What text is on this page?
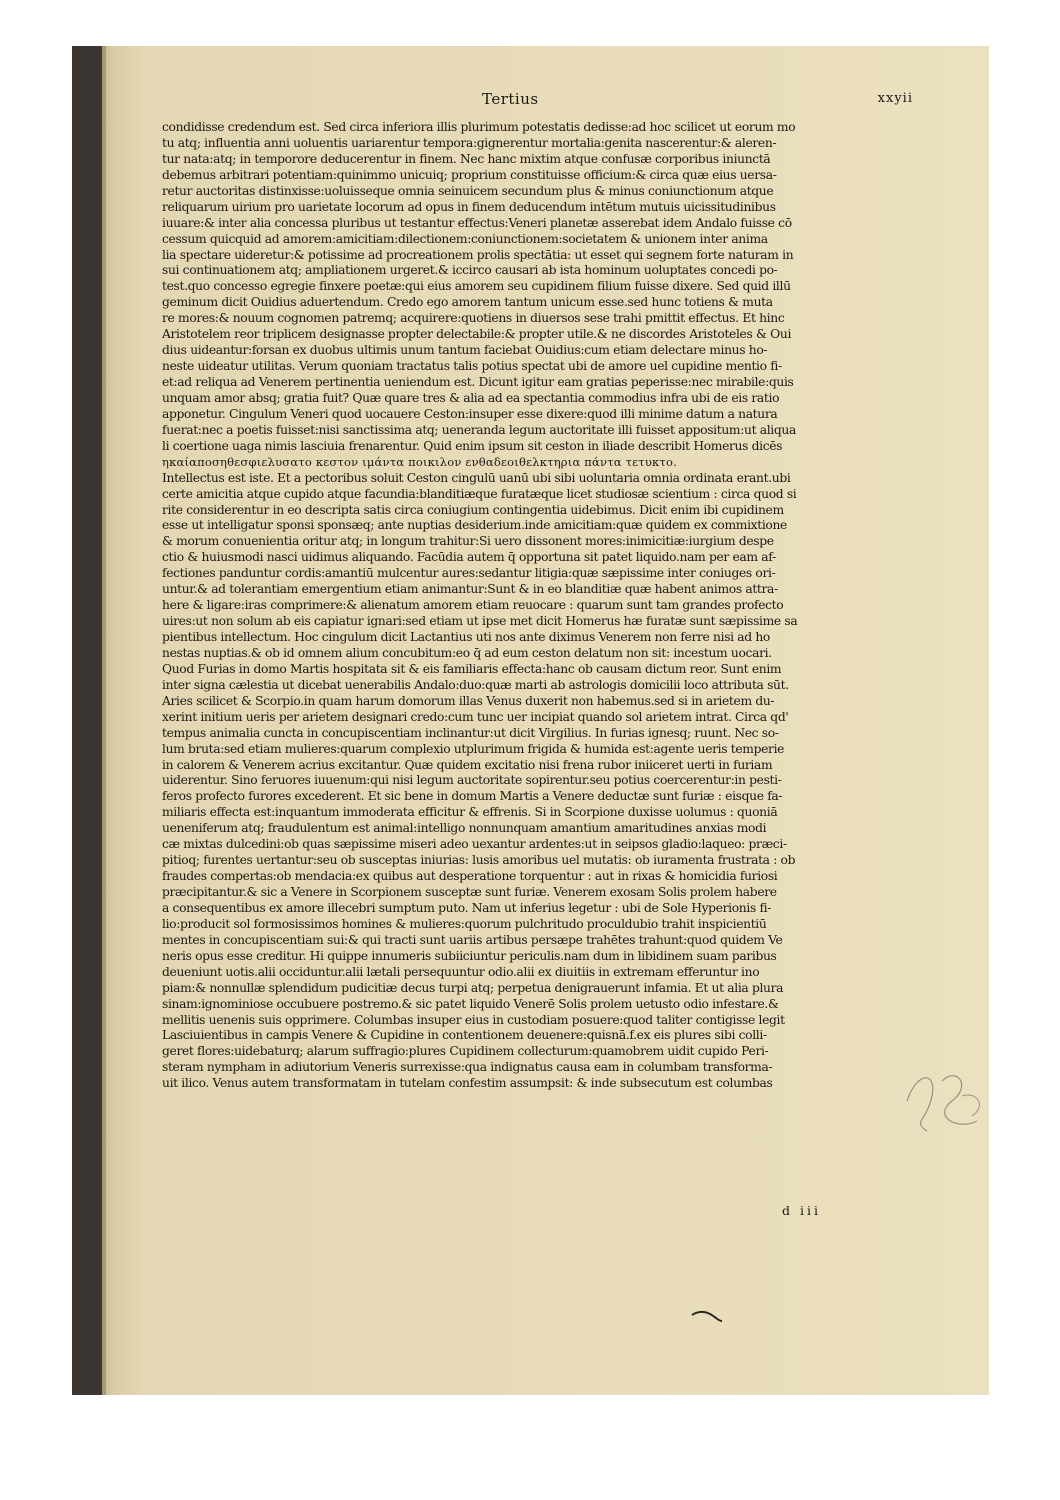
Tertius	xxyii
condidisse credendum est. Sed circa inferiora illis plurimum potestatis dedisse:ad hoc scilicet ut eorum mo
tu atq; influentia anni uoluentis uariarentur tempora:gignerentur mortalia:genita nascerentur:& aleren-
tur nata:atq; in temporore deducerentur in finem. Nec hanc mixtim atque confusæ corporibus iniunctā
debemus arbitrari potentiam:quinimmo unicuiq; proprium constituisse officium:& circa quæ eius uersa-
retur auctoritas distinxisse:uoluisseque omnia seinuicem secundum plus & minus coniunctionum atque
reliquarum uirium pro uarietate locorum ad opus in finem deducendum intētum mutuis uicissitudinibus
iuuare:& inter alia concessa pluribus ut testantur effectus:Veneri planetæ asserebat idem Andalo fuisse cō
cessum quicquid ad amorem:amicitiam:dilectionem:coniunctionem:societatem & unionem inter anima
lia spectare uideretur:& potissime ad procreationem prolis spectātia: ut esset qui segnem forte naturam in
sui continuationem atq; ampliationem urgeret.& iccirco causari ab ista hominum uoluptates concedi po-
test.quo concesso egregie finxere poetæ:qui eius amorem seu cupidinem filium fuisse dixere. Sed quid illū
geminum dicit Ouidius aduertendum. Credo ego amorem tantum unicum esse.sed hunc totiens & muta
re mores:& nouum cognomen patremq; acquirere:quotiens in diuersos sese trahi pmittit effectus. Et hinc
Aristotelem reor triplicem designasse propter delectabile:& propter utile.& ne discordes Aristoteles & Oui
dius uideantur:forsan ex duobus ultimis unum tantum faciebat Ouidius:cum etiam delectare minus ho-
neste uideatur utilitas. Verum quoniam tractatus talis potius spectat ubi de amore uel cupidine mentio fi-
et:ad reliqua ad Venerem pertinentia ueniendum est. Dicunt igitur eam gratias peperisse:nec mirabile:quis
unquam amor absq; gratia fuit? Quæ quare tres & alia ad ea spectantia commodius infra ubi de eis ratio
apponetur. Cingulum Veneri quod uocauere Ceston:insuper esse dixere:quod illi minime datum a natura
fuerat:nec a poetis fuisset:nisi sanctissima atq; ueneranda legum auctoritate illi fuisset appositum:ut aliqua
li coertione uaga nimis lasciuia frenarentur. Quid enim ipsum sit ceston in iliade describit Homerus dicēs
ηκαίαποσηθεσφιελυσατο κεστον ιμάντα ποικιλον ενθαδεοιθελκτηρια πάντα τετυκτο.
Intellectus est iste. Et a pectoribus soluit Ceston cingulū uanū ubi sibi uoluntaria omnia ordinata erant.ubi
certe amicitia atque cupido atque facundia:blanditiæque furatæque licet studiosæ scientium : circa quod si
rite considerentur in eo descripta satis circa coniugium contingentia uidebimus. Dicit enim ibi cupidinem
esse ut intelligatur sponsi sponsæq; ante nuptias desiderium.inde amicitiam:quæ quidem ex commixtione
& morum conuenientia oritur atq; in longum trahitur:Si uero dissonent mores:inimicitiæ:iurgium despe
ctio & huiusmodi nasci uidimus aliquando. Facūdia autem q̄ opportuna sit patet liquido.nam per eam af-
fectiones panduntur cordis:amantiū mulcentur aures:sedantur litigia:quæ sæpissime inter coniuges ori-
untur.& ad tolerantiam emergentium etiam animantur:Sunt & in eo blanditiæ quæ habent animos attra-
here & ligare:iras comprimere:& alienatum amorem etiam reuocare : quarum sunt tam grandes profecto
uires:ut non solum ab eis capiatur ignari:sed etiam ut ipse met dicit Homerus hæ furatæ sunt sæpissime sa
pientibus intellectum. Hoc cingulum dicit Lactantius uti nos ante diximus Venerem non ferre nisi ad ho
nestas nuptias.& ob id omnem alium concubitum:eo q̄ ad eum ceston delatum non sit: incestum uocari.
Quod Furias in domo Martis hospitata sit & eis familiaris effecta:hanc ob causam dictum reor. Sunt enim
inter signa cælestia ut dicebat uenerabilis Andalo:duo:quæ marti ab astrologis domicilii loco attributa sūt.
Aries scilicet & Scorpio.in quam harum domorum illas Venus duxerit non habemus.sed si in arietem du-
xerint initium ueris per arietem designari credo:cum tunc uer incipiat quando sol arietem intrat. Circa qd'
tempus animalia cuncta in concupiscentiam inclinantur:ut dicit Virgilius. In furias ignesq; ruunt. Nec so-
lum bruta:sed etiam mulieres:quarum complexio utplurimum frigida & humida est:agente ueris temperie
in calorem & Venerem acrius excitantur. Quæ quidem excitatio nisi frena rubor iniiceret uerti in furiam
uiderentur. Sino feruores iuuenum:qui nisi legum auctoritate sopirentur.seu potius coercerentur:in pesti-
feros profecto furores excederent. Et sic bene in domum Martis a Venere deductæ sunt furiæ : eisque fa-
miliaris effecta est:inquantum immoderata efficitur & effrenis. Si in Scorpione duxisse uolumus : quoniā
ueneniferum atq; fraudulentum est animal:intelligo nonnunquam amantium amaritudines anxias modi
cæ mixtas dulcedini:ob quas sæpissime miseri adeo uexantur ardentes:ut in seipsos gladio:laqueo: præci-
pitioq; furentes uertantur:seu ob susceptas iniurias: lusis amoribus uel mutatis: ob iuramenta frustrata : ob
fraudes compertas:ob mendacia:ex quibus aut desperatione torquentur : aut in rixas & homicidia furiosi
præcipitantur.& sic a Venere in Scorpionem susceptæ sunt furiæ. Venerem exosam Solis prolem habere
a consequentibus ex amore illecebri sumptum puto. Nam ut inferius legetur : ubi de Sole Hyperionis fi-
lio:producit sol formosissimos homines & mulieres:quorum pulchritudo proculdubio trahit inspicientiū
mentes in concupiscentiam sui:& qui tracti sunt uariis artibus persæpe trahētes trahunt:quod quidem Ve
neris opus esse creditur. Hi quippe innumeris subiiciuntur periculis.nam dum in libidinem suam paribus
deueniunt uotis.alii occiduntur.alii lætali persequuntur odio.alii ex diuitiis in extremam efferuntur ino
piam:& nonnullæ splendidum pudicitiæ decus turpi atq; perpetua denigrauerunt infamia. Et ut alia plura
sinam:ignominiose occubuere postremo.& sic patet liquido Venerē Solis prolem uetusto odio infestare.&
mellitis uenenis suis opprimere. Columbas insuper eius in custodiam posuere:quod taliter contigisse legit
Lasciuientibus in campis Venere & Cupidine in contentionem deuenere:quisnā.f.ex eis plures sibi colli-
geret flores:uidebaturq; alarum suffragio:plures Cupidinem collecturum:quamobrem uidit cupido Peri-
steram nympham in adiutorium Veneris surrexisse:qua indignatus causa eam in columbam transforma-
uit ilico. Venus autem transformatam in tutelam confestim assumpsit: & inde subsecutum est columbas
d iii
